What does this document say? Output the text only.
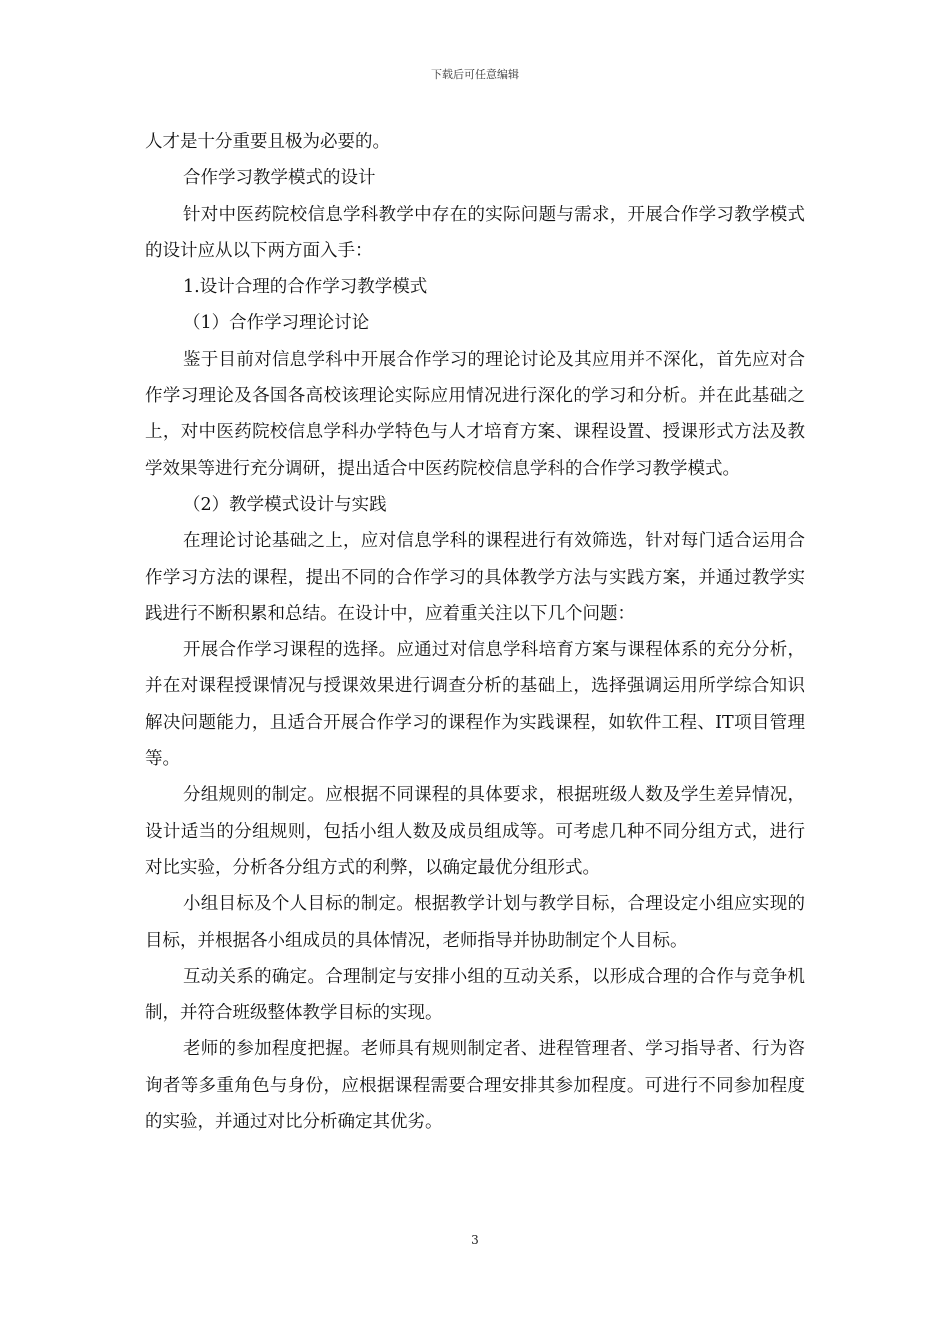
下载后可任意编辑

人才是十分重要且极为必要的。

合作学习教学模式的设计

针对中医药院校信息学科教学中存在的实际问题与需求，开展合作学习教学模式的设计应从以下两方面入手：

1.设计合理的合作学习教学模式

（1）合作学习理论讨论

鉴于目前对信息学科中开展合作学习的理论讨论及其应用并不深化，首先应对合作学习理论及各国各高校该理论实际应用情况进行深化的学习和分析。并在此基础之上，对中医药院校信息学科办学特色与人才培育方案、课程设置、授课形式方法及教学效果等进行充分调研，提出适合中医药院校信息学科的合作学习教学模式。

（2）教学模式设计与实践

在理论讨论基础之上，应对信息学科的课程进行有效筛选，针对每门适合运用合作学习方法的课程，提出不同的合作学习的具体教学方法与实践方案，并通过教学实践进行不断积累和总结。在设计中，应着重关注以下几个问题：

开展合作学习课程的选择。应通过对信息学科培育方案与课程体系的充分分析，并在对课程授课情况与授课效果进行调查分析的基础上，选择强调运用所学综合知识解决问题能力，且适合开展合作学习的课程作为实践课程，如软件工程、IT项目管理等。

分组规则的制定。应根据不同课程的具体要求，根据班级人数及学生差异情况，设计适当的分组规则，包括小组人数及成员组成等。可考虑几种不同分组方式，进行对比实验，分析各分组方式的利弊，以确定最优分组形式。

小组目标及个人目标的制定。根据教学计划与教学目标，合理设定小组应实现的目标，并根据各小组成员的具体情况，老师指导并协助制定个人目标。

互动关系的确定。合理制定与安排小组的互动关系，以形成合理的合作与竞争机制，并符合班级整体教学目标的实现。

老师的参加程度把握。老师具有规则制定者、进程管理者、学习指导者、行为咨询者等多重角色与身份，应根据课程需要合理安排其参加程度。可进行不同参加程度的实验，并通过对比分析确定其优劣。

3
